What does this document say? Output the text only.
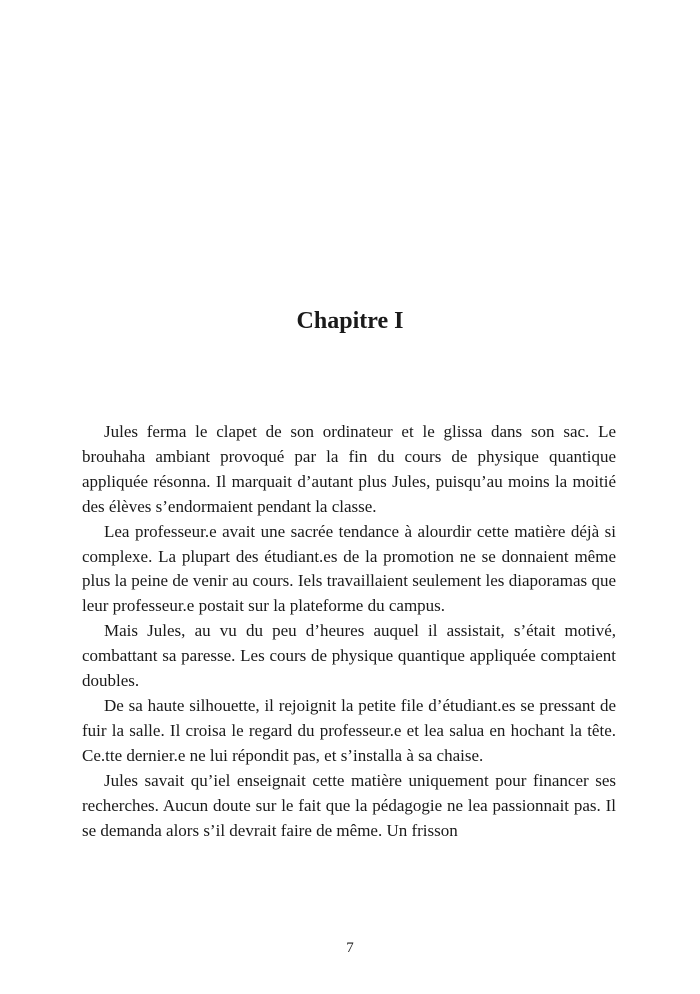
Chapitre I

Jules ferma le clapet de son ordinateur et le glissa dans son sac. Le brouhaha ambiant provoqué par la fin du cours de physique quantique appliquée résonna. Il marquait d’autant plus Jules, puisqu’au moins la moitié des élèves s’endormaient pendant la classe.

Lea professeur.e avait une sacrée tendance à alourdir cette matière déjà si complexe. La plupart des étudiant.es de la promotion ne se donnaient même plus la peine de venir au cours. Iels travaillaient seulement les diaporamas que leur professeur.e postait sur la plateforme du campus.

Mais Jules, au vu du peu d’heures auquel il assistait, s’était motivé, combattant sa paresse. Les cours de physique quantique appliquée comptaient doubles.

De sa haute silhouette, il rejoignit la petite file d’étudiant.es se pressant de fuir la salle. Il croisa le regard du professeur.e et lea salua en hochant la tête. Ce.tte dernier.e ne lui répondit pas, et s’installa à sa chaise.

Jules savait qu’iel enseignait cette matière uniquement pour financer ses recherches. Aucun doute sur le fait que la pédagogie ne lea passionnait pas. Il se demanda alors s’il devrait faire de même. Un frisson

7
